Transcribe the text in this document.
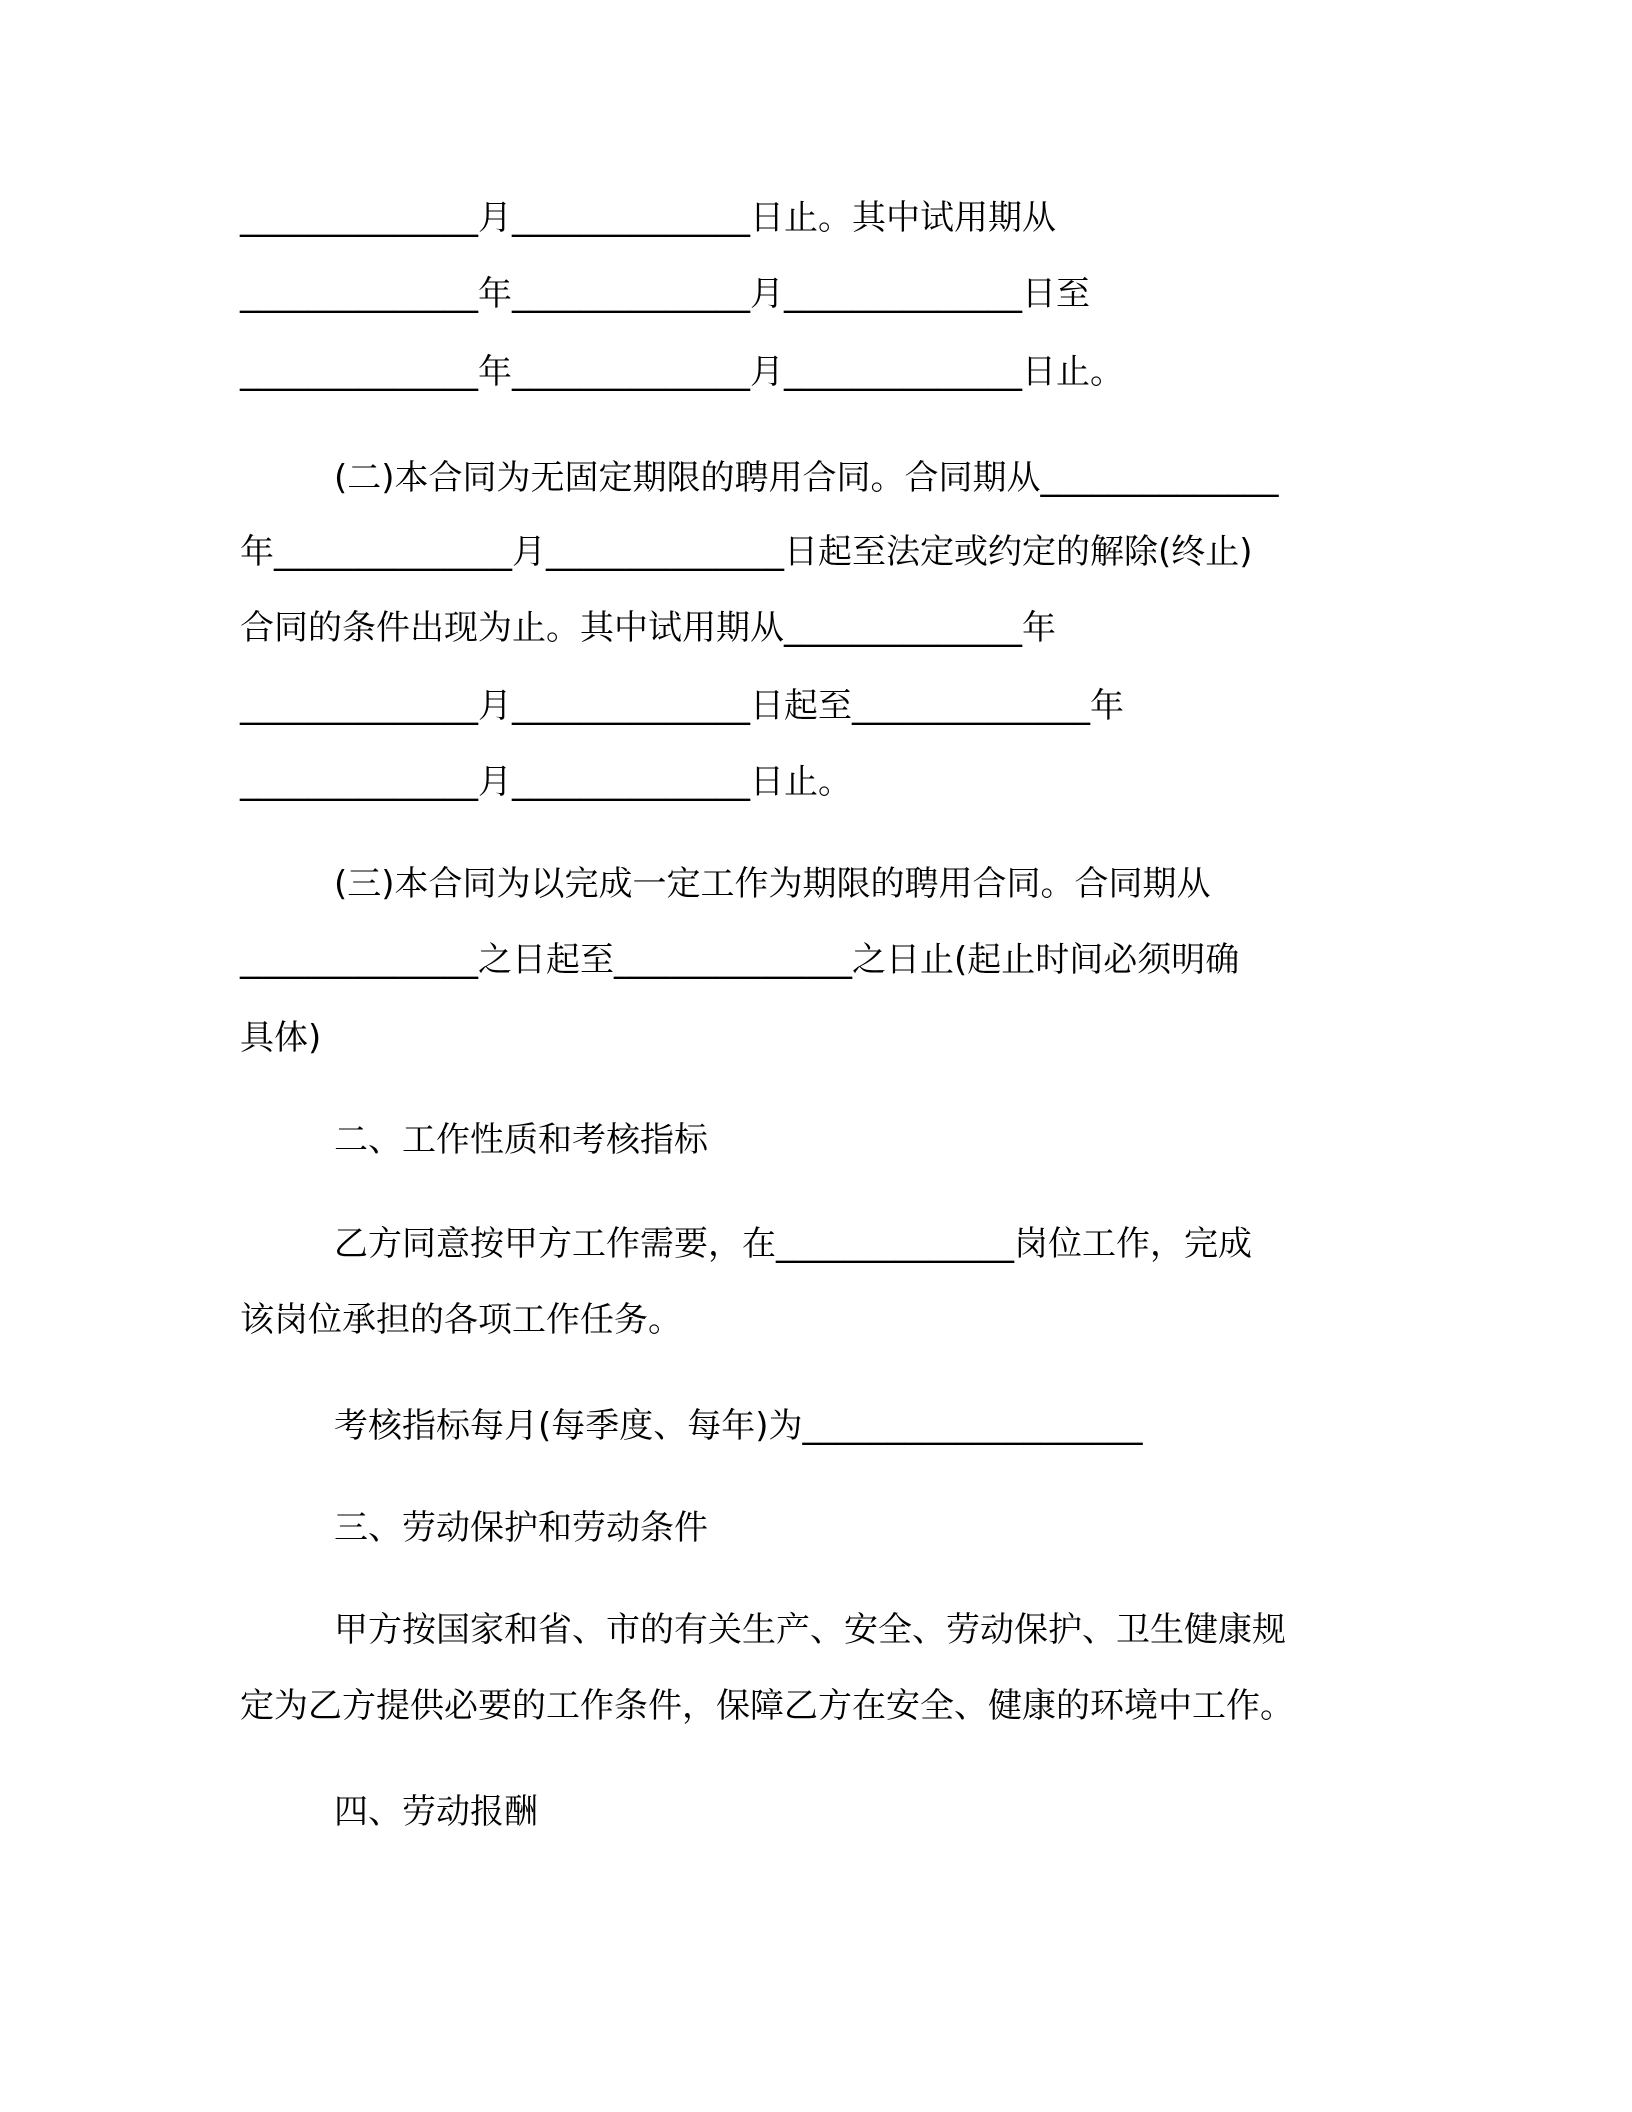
______________月______________日止。其中试用期从
______________年______________月______________日至
______________年______________月______________日止。
(二)本合同为无固定期限的聘用合同。合同期从______________
年______________月______________日起至法定或约定的解除(终止)
合同的条件出现为止。其中试用期从______________年
______________月______________日起至______________年
______________月______________日止。
(三)本合同为以完成一定工作为期限的聘用合同。合同期从
______________之日起至______________之日止(起止时间必须明确
具体)
二、工作性质和考核指标
乙方同意按甲方工作需要，在______________岗位工作，完成
该岗位承担的各项工作任务。
考核指标每月(每季度、每年)为____________________
三、劳动保护和劳动条件
甲方按国家和省、市的有关生产、安全、劳动保护、卫生健康规
定为乙方提供必要的工作条件，保障乙方在安全、健康的环境中工作。
四、劳动报酬
